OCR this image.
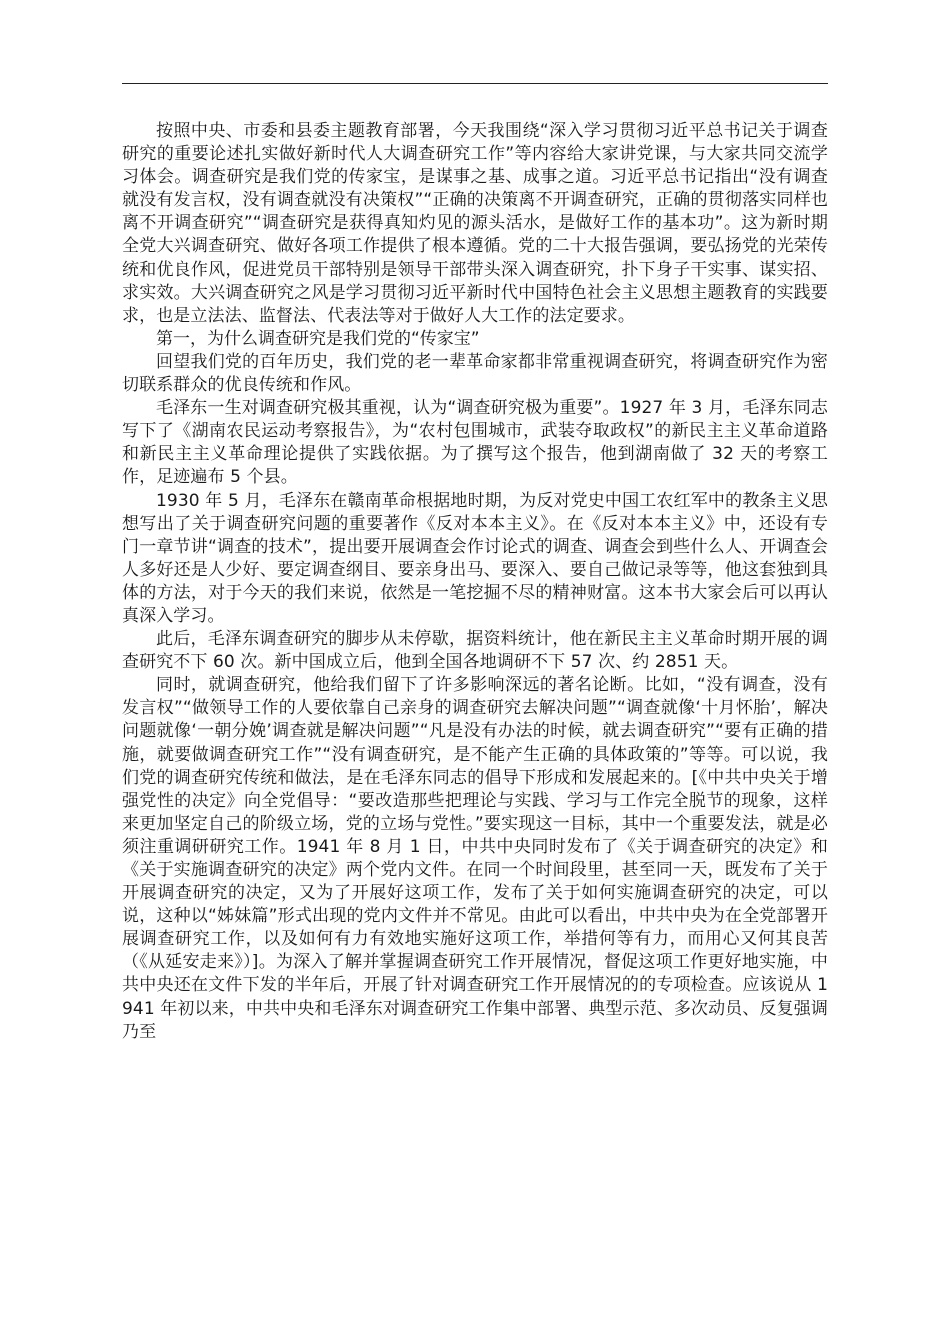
按照中央、市委和县委主题教育部署，今天我围绕“深入学习贯彻习近平总书记关于调查研究的重要论述扎实做好新时代人大调查研究工作”等内容给大家讲党课，与大家共同交流学习体会。调查研究是我们党的传家宝，是谋事之基、成事之道。习近平总书记指出“没有调查就没有发言权，没有调查就没有决策权”“正确的决策离不开调查研究，正确的贯彻落实同样也离不开调查研究”“调查研究是获得真知灼见的源头活水，是做好工作的基本功”。这为新时期全党大兴调查研究、做好各项工作提供了根本遵循。党的二十大报告强调，要弘扬党的光荣传统和优良作风，促进党员干部特别是领导干部带头深入调查研究，扑下身子干实事、谋实招、求实效。大兴调查研究之风是学习贯彻习近平新时代中国特色社会主义思想主题教育的实践要求，也是立法法、监督法、代表法等对于做好人大工作的法定要求。

第一，为什么调查研究是我们党的“传家宝”

回望我们党的百年历史，我们党的老一辈革命家都非常重视调查研究，将调查研究作为密切联系群众的优良传统和作风。

毛泽东一生对调查研究极其重视，认为“调查研究极为重要”。1927 年 3 月，毛泽东同志写下了《湖南农民运动考察报告》，为“农村包围城市，武装夺取政权”的新民主主义革命道路和新民主主义革命理论提供了实践依据。为了撰写这个报告，他到湖南做了 32 天的考察工作，足迹遍布 5 个县。

1930 年 5 月，毛泽东在赣南革命根据地时期，为反对党史中国工农红军中的教条主义思想写出了关于调查研究问题的重要著作《反对本本主义》。在《反对本本主义》中，还设有专门一章节讲“调查的技术”，提出要开展调查会作讨论式的调查、调查会到些什么人、开调查会人多好还是人少好、要定调查纲目、要亲身出马、要深入、要自己做记录等等，他这套独到具体的方法，对于今天的我们来说，依然是一笔挖掘不尽的精神财富。这本书大家会后可以再认真深入学习。

此后，毛泽东调查研究的脚步从未停歇，据资料统计，他在新民主主义革命时期开展的调查研究不下 60 次。新中国成立后，他到全国各地调研不下 57 次、约 2851 天。

同时，就调查研究，他给我们留下了许多影响深远的著名论断。比如，“没有调查，没有发言权”“做领导工作的人要依靠自己亲身的调查研究去解决问题”“调查就像‘十月怀胎’，解决问题就像‘一朝分娩’调查就是解决问题”“凡是没有办法的时候，就去调查研究”“要有正确的措施，就要做调查研究工作”“没有调查研究，是不能产生正确的具体政策的”等等。可以说，我们党的调查研究传统和做法，是在毛泽东同志的倡导下形成和发展起来的。[《中共中央关于增强党性的决定》向全党倡导：“要改造那些把理论与实践、学习与工作完全脱节的现象，这样来更加坚定自己的阶级立场，党的立场与党性。”要实现这一目标，其中一个重要发法，就是必须注重调研研究工作。1941 年 8 月 1 日，中共中央同时发布了《关于调查研究的决定》和《关于实施调查研究的决定》两个党内文件。在同一个时间段里，甚至同一天，既发布了关于开展调查研究的决定，又为了开展好这项工作，发布了关于如何实施调查研究的决定，可以说，这种以“姊妹篇”形式出现的党内文件并不常见。由此可以看出，中共中央为在全党部署开展调查研究工作，以及如何有力有效地实施好这项工作，举措何等有力，而用心又何其良苦（《从延安走来》）]。为深入了解并掌握调查研究工作开展情况，督促这项工作更好地实施，中共中央还在文件下发的半年后，开展了针对调查研究工作开展情况的的专项检查。应该说从 1941 年初以来，中共中央和毛泽东对调查研究工作集中部署、典型示范、多次动员、反复强调乃至
